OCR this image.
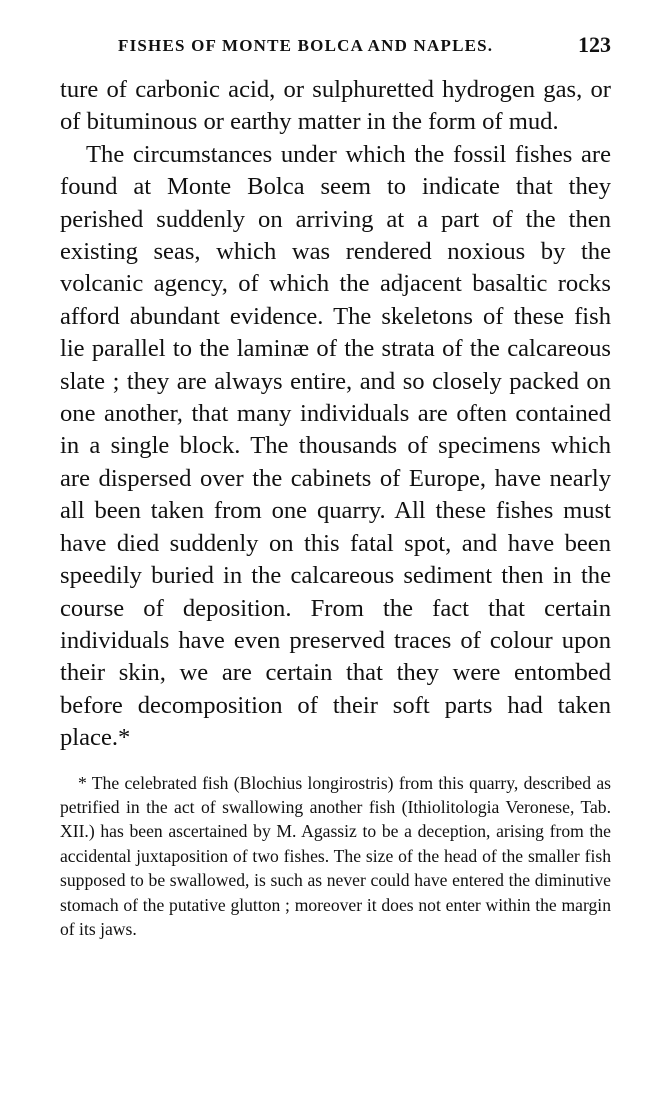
FISHES OF MONTE BOLCA AND NAPLES.	123

ture of carbonic acid, or sulphuretted hydrogen gas, or of bituminous or earthy matter in the form of mud.

The circumstances under which the fossil fishes are found at Monte Bolca seem to indicate that they perished suddenly on arriving at a part of the then existing seas, which was rendered noxious by the volcanic agency, of which the adjacent basaltic rocks afford abundant evidence. The skeletons of these fish lie parallel to the laminæ of the strata of the calcareous slate ; they are always entire, and so closely packed on one another, that many individuals are often contained in a single block. The thousands of specimens which are dispersed over the cabinets of Europe, have nearly all been taken from one quarry. All these fishes must have died suddenly on this fatal spot, and have been speedily buried in the calcareous sediment then in the course of deposition. From the fact that certain individuals have even preserved traces of colour upon their skin, we are certain that they were entombed before decomposition of their soft parts had taken place.*

* The celebrated fish (Blochius longirostris) from this quarry, described as petrified in the act of swallowing another fish (Ithiolitologia Veronese, Tab. XII.) has been ascertained by M. Agassiz to be a deception, arising from the accidental juxtaposition of two fishes. The size of the head of the smaller fish supposed to be swallowed, is such as never could have entered the diminutive stomach of the putative glutton ; moreover it does not enter within the margin of its jaws.
